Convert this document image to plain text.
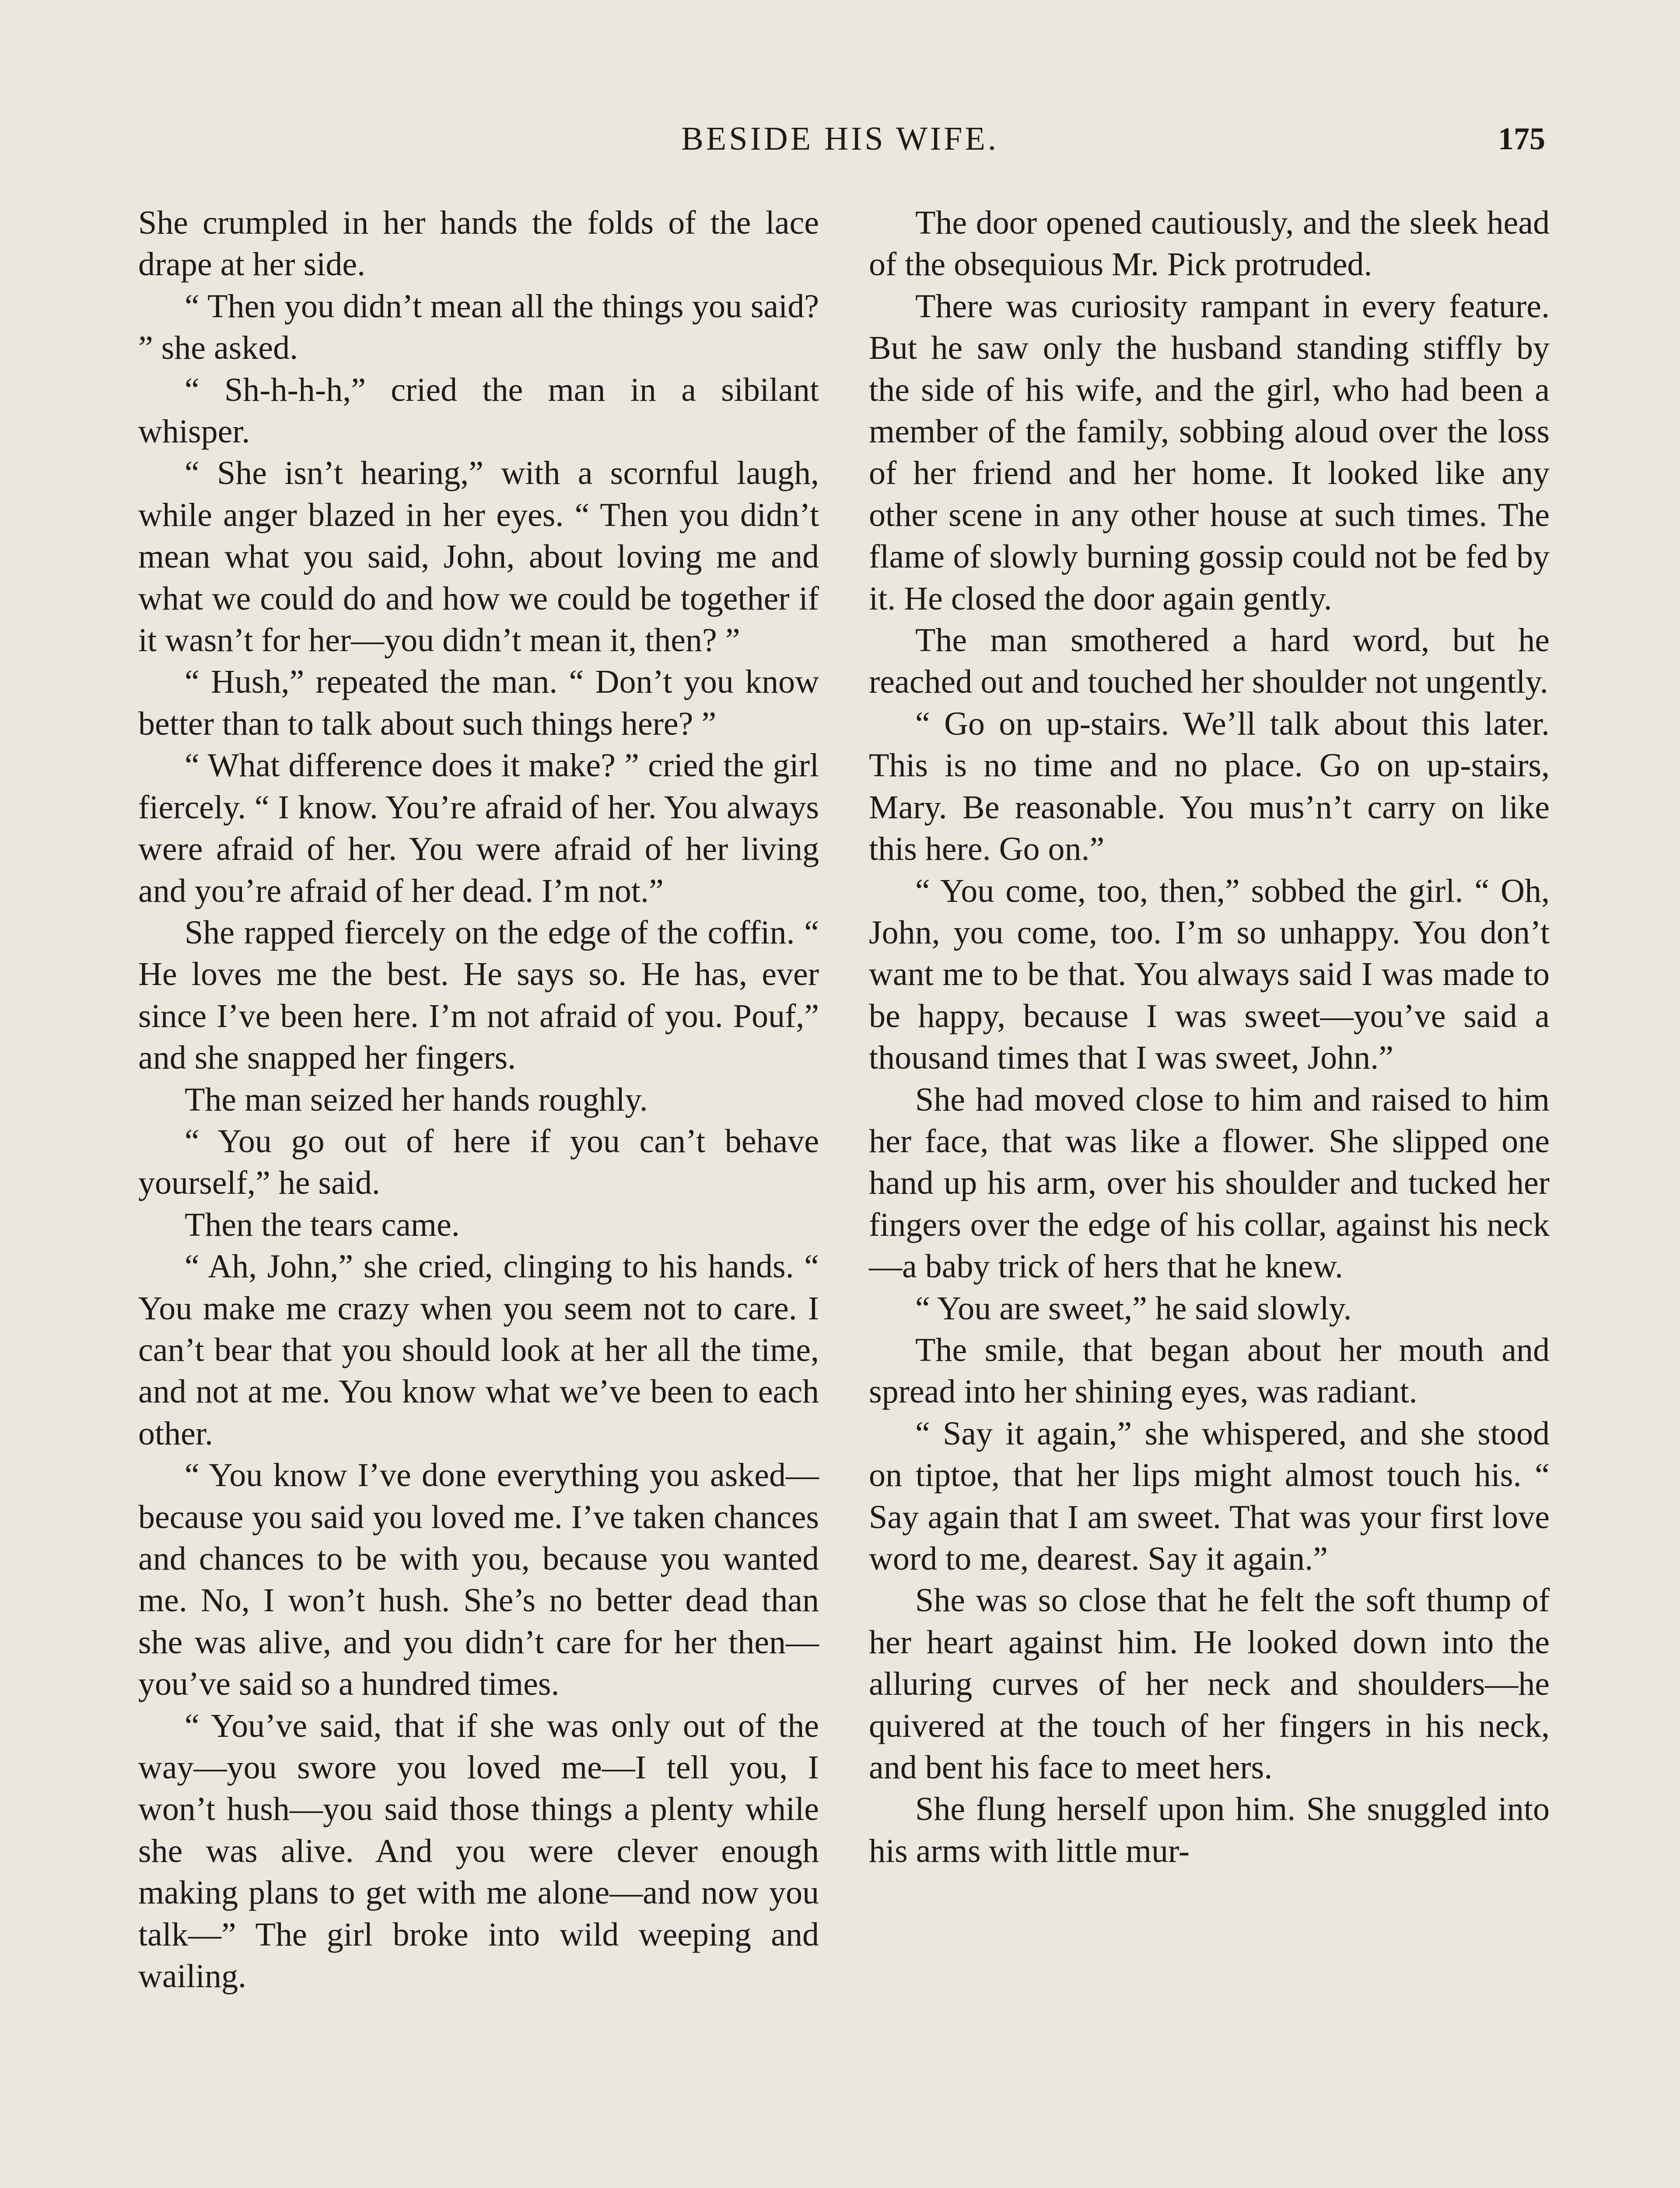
BESIDE HIS WIFE.	175

She crumpled in her hands the folds of the lace drape at her side.

“ Then you didn’t mean all the things you said? ” she asked.

“ Sh-h-h-h,” cried the man in a sibilant whisper.

“ She isn’t hearing,” with a scornful laugh, while anger blazed in her eyes. “ Then you didn’t mean what you said, John, about loving me and what we could do and how we could be together if it wasn’t for her—you didn’t mean it, then? ”

“ Hush,” repeated the man. “ Don’t you know better than to talk about such things here? ”

“ What difference does it make? ” cried the girl fiercely. “ I know. You’re afraid of her. You always were afraid of her. You were afraid of her living and you’re afraid of her dead. I’m not.”

She rapped fiercely on the edge of the coffin. “ He loves me the best. He says so. He has, ever since I’ve been here. I’m not afraid of you. Pouf,” and she snapped her fingers.

The man seized her hands roughly.

“ You go out of here if you can’t behave yourself,” he said.

Then the tears came.

“ Ah, John,” she cried, clinging to his hands. “ You make me crazy when you seem not to care. I can’t bear that you should look at her all the time, and not at me. You know what we’ve been to each other.

“ You know I’ve done everything you asked—because you said you loved me. I’ve taken chances and chances to be with you, because you wanted me. No, I won’t hush. She’s no better dead than she was alive, and you didn’t care for her then—you’ve said so a hundred times.

“ You’ve said, that if she was only out of the way—you swore you loved me—I tell you, I won’t hush—you said those things a plenty while she was alive. And you were clever enough making plans to get with me alone—and now you talk—” The girl broke into wild weeping and wailing.

The door opened cautiously, and the sleek head of the obsequious Mr. Pick protruded.

There was curiosity rampant in every feature. But he saw only the husband standing stiffly by the side of his wife, and the girl, who had been a member of the family, sobbing aloud over the loss of her friend and her home. It looked like any other scene in any other house at such times. The flame of slowly burning gossip could not be fed by it. He closed the door again gently.

The man smothered a hard word, but he reached out and touched her shoulder not ungently.

“ Go on up-stairs. We’ll talk about this later. This is no time and no place. Go on up-stairs, Mary. Be reasonable. You mus’n’t carry on like this here. Go on.”

“ You come, too, then,” sobbed the girl. “ Oh, John, you come, too. I’m so unhappy. You don’t want me to be that. You always said I was made to be happy, because I was sweet—you’ve said a thousand times that I was sweet, John.”

She had moved close to him and raised to him her face, that was like a flower. She slipped one hand up his arm, over his shoulder and tucked her fingers over the edge of his collar, against his neck—a baby trick of hers that he knew.

“ You are sweet,” he said slowly.

The smile, that began about her mouth and spread into her shining eyes, was radiant.

“ Say it again,” she whispered, and she stood on tiptoe, that her lips might almost touch his. “ Say again that I am sweet. That was your first love word to me, dearest. Say it again.”

She was so close that he felt the soft thump of her heart against him. He looked down into the alluring curves of her neck and shoulders—he quivered at the touch of her fingers in his neck, and bent his face to meet hers.

She flung herself upon him. She snuggled into his arms with little mur-
